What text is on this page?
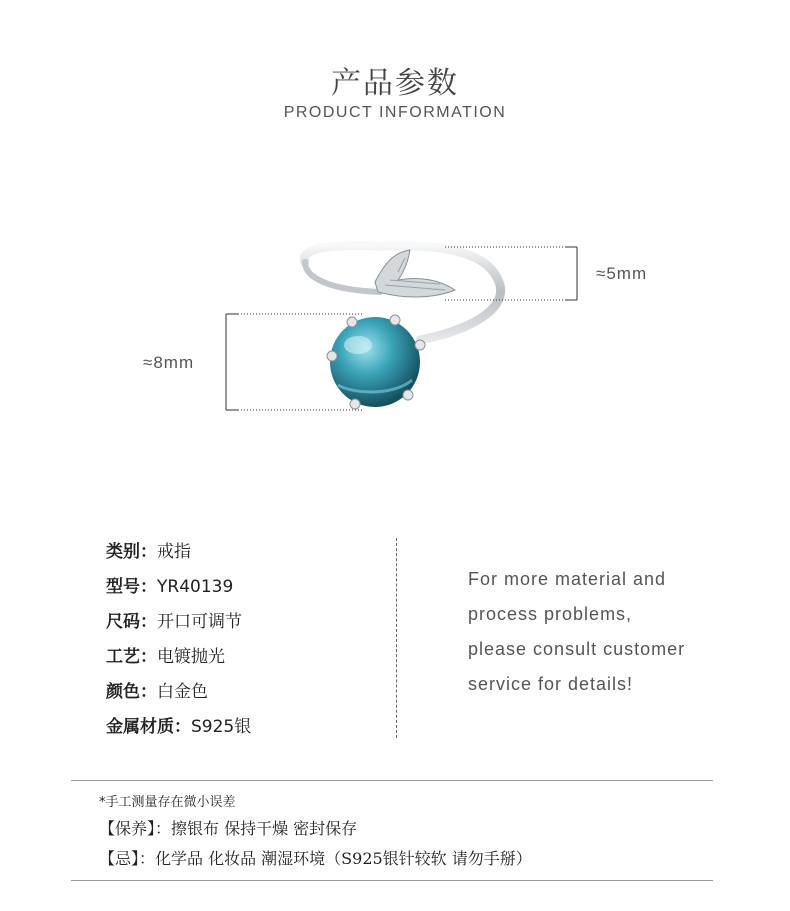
产品参数
PRODUCT INFORMATION
≈5mm
≈8mm
类别：戒指
型号：YR40139
尺码：开口可调节
工艺：电镀抛光
颜色：白金色
金属材质：S925银
For more material and
process problems,
please consult customer
service for details!
*手工测量存在微小误差
【保养】：擦银布 保持干燥 密封保存
【忌】：化学品 化妆品 潮湿环境（S925银针较软 请勿手掰）
